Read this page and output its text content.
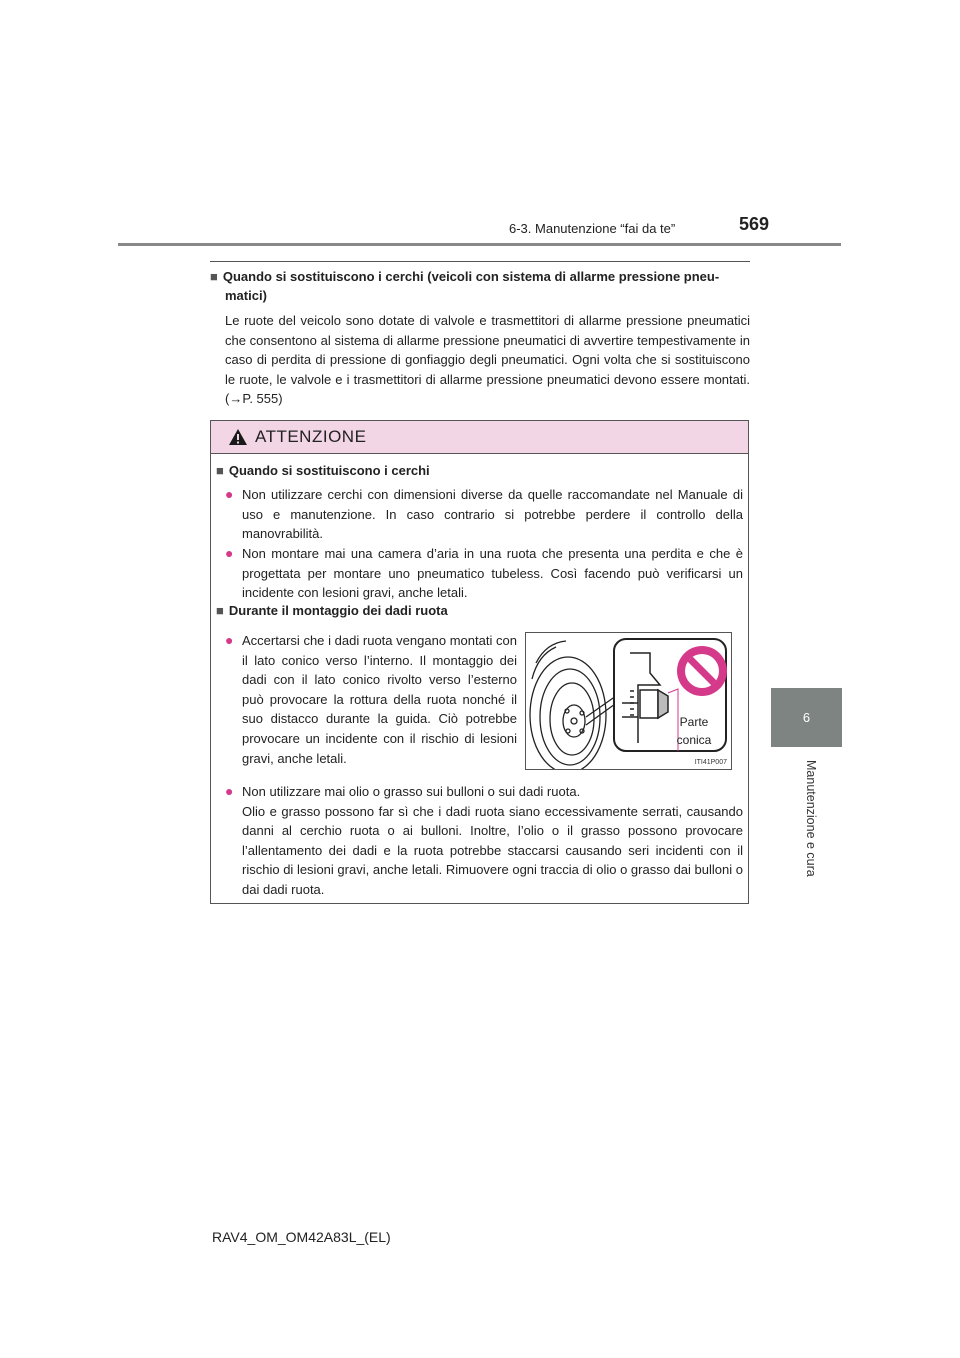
6-3. Manutenzione “fai da te”	569
6
Manutenzione e cura
■ Quando si sostituiscono i cerchi (veicoli con sistema di allarme pressione pneu-
matici)
Le ruote del veicolo sono dotate di valvole e trasmettitori di allarme pressione pneumatici che consentono al sistema di allarme pressione pneumatici di avvertire tempestivamente in caso di perdita di pressione di gonfiaggio degli pneumatici. Ogni volta che si sostituiscono le ruote, le valvole e i trasmettitori di allarme pressione pneumatici devono essere montati. (→P. 555)
ATTENZIONE
■ Quando si sostituiscono i cerchi
● Non utilizzare cerchi con dimensioni diverse da quelle raccomandate nel Manuale di uso e manutenzione. In caso contrario si potrebbe perdere il controllo della manovrabilità.
● Non montare mai una camera d’aria in una ruota che presenta una perdita e che è progettata per montare uno pneumatico tubeless. Così facendo può verificarsi un incidente con lesioni gravi, anche letali.
■ Durante il montaggio dei dadi ruota
● Accertarsi che i dadi ruota vengano montati con il lato conico verso l’interno. Il montaggio dei dadi con il lato conico rivolto verso l’esterno può provocare la rottura della ruota nonché il suo distacco durante la guida. Ciò potrebbe provocare un incidente con il rischio di lesioni gravi, anche letali.
● Non utilizzare mai olio o grasso sui bulloni o sui dadi ruota.
Olio e grasso possono far sì che i dadi ruota siano eccessivamente serrati, causando danni al cerchio ruota o ai bulloni. Inoltre, l’olio o il grasso possono provocare l’allentamento dei dadi e la ruota potrebbe staccarsi causando seri incidenti con il rischio di lesioni gravi, anche letali. Rimuovere ogni traccia di olio o grasso dai bulloni o dai dadi ruota.
Parte
conica
ITI41P007
RAV4_OM_OM42A83L_(EL)
